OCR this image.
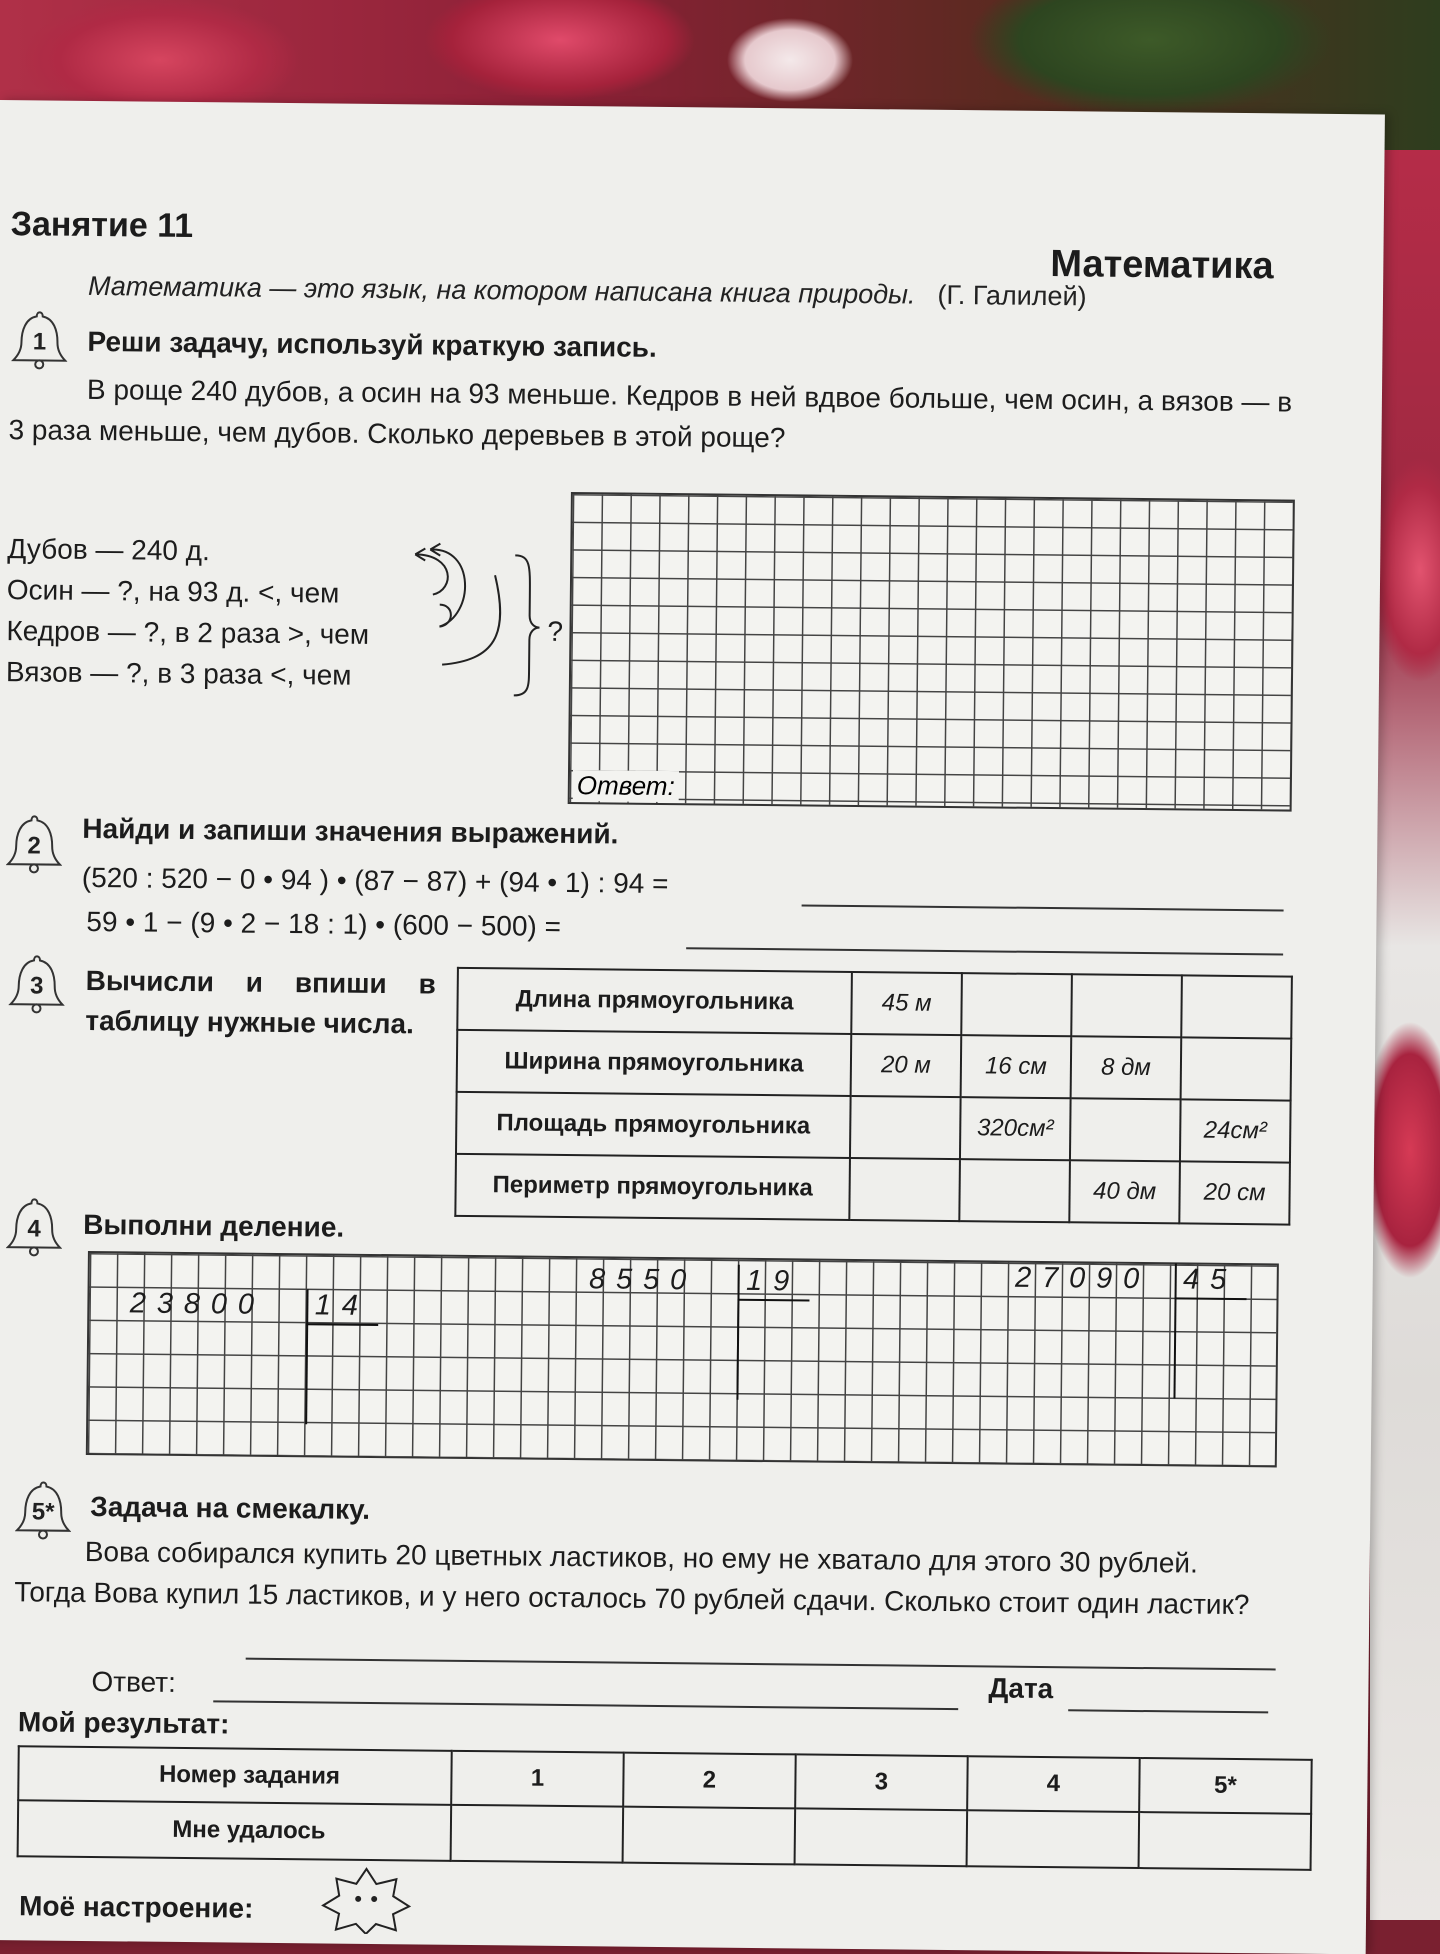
Занятие 11
Математика
Математика — это язык, на котором написана книга природы. (Г. Галилей)
1	Реши задачу, используй краткую запись.
В роще 240 дубов, а осин на 93 меньше. Кедров в ней вдвое больше, чем осин, а вязов — в 3 раза меньше, чем дубов. Сколько деревьев в этой роще?
Дубов — 240 д.
Осин — ?, на 93 д. <, чем
Кедров — ?, в 2 раза >, чем
Вязов — ?, в 3 раза <, чем
?
Ответ:
2	Найди и запиши значения выражений.
(520 : 520 − 0 • 94 ) • (87 − 87) + (94 • 1) : 94 =
59 • 1 − (9 • 2 − 18 : 1) • (600 − 500) =
3	Вычисли и впиши в таблицу нужные числа.
Длина прямоугольника	45 м			
Ширина прямоугольника	20 м	16 см	8 дм	
Площадь прямоугольника		320см²		24см²
Периметр прямоугольника			40 дм	20 см
4	Выполни деление.
2 3 8 0 0 1 4
8 5 5 0 1 9	2 7 0 9 0 4 5
5*	Задача на смекалку.
Вова собирался купить 20 цветных ластиков, но ему не хватало для этого 30 рублей. Тогда Вова купил 15 ластиков, и у него осталось 70 рублей сдачи. Сколько стоит один ластик?
Ответ:	Дата
Мой результат:
Номер задания	1	2	3	4	5*
Мне удалось					
Моё настроение:
